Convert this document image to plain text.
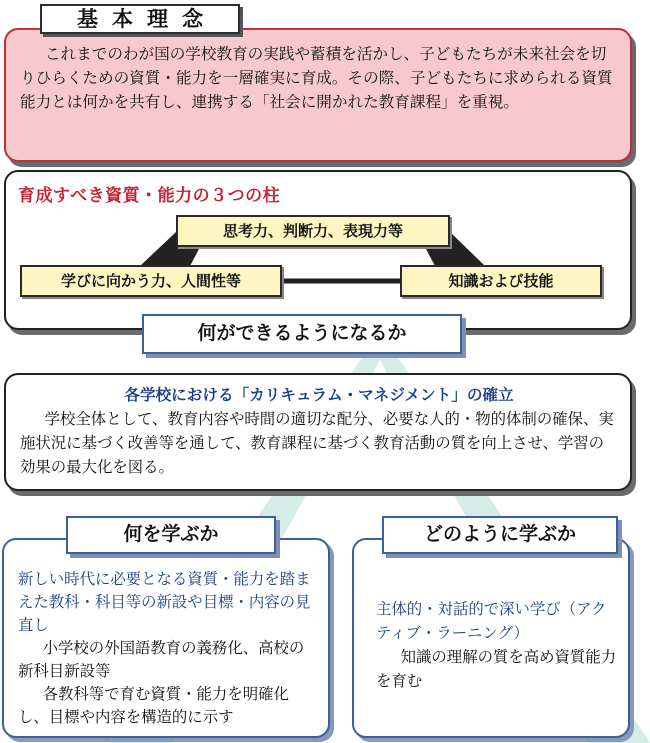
基本理念
これまでのわが国の学校教育の実践や蓄積を活かし、子どもたちが未来社会を切りひらくための資質・能力を一層確実に育成。その際、子どもたちに求められる資質能力とは何かを共有し、連携する「社会に開かれた教育課程」を重視。
育成すべき資質・能力の３つの柱
思考力、判断力、表現力等
学びに向かう力、人間性等	知識および技能
何ができるようになるか
各学校における「カリキュラム・マネジメント」の確立
学校全体として、教育内容や時間の適切な配分、必要な人的・物的体制の確保、実施状況に基づく改善等を通して、教育課程に基づく教育活動の質を向上させ、学習の効果の最大化を図る。
新しい時代に必要となる資質・能力を踏まえた教科・科目等の新設や目標・内容の見直し
小学校の外国語教育の義務化、高校の新科目新設等
各教科等で育む資質・能力を明確化し、目標や内容を構造的に示す
何を学ぶか
主体的・対話的で深い学び（アクティブ・ラーニング）
知識の理解の質を高め資質能力を育む
どのように学ぶか
